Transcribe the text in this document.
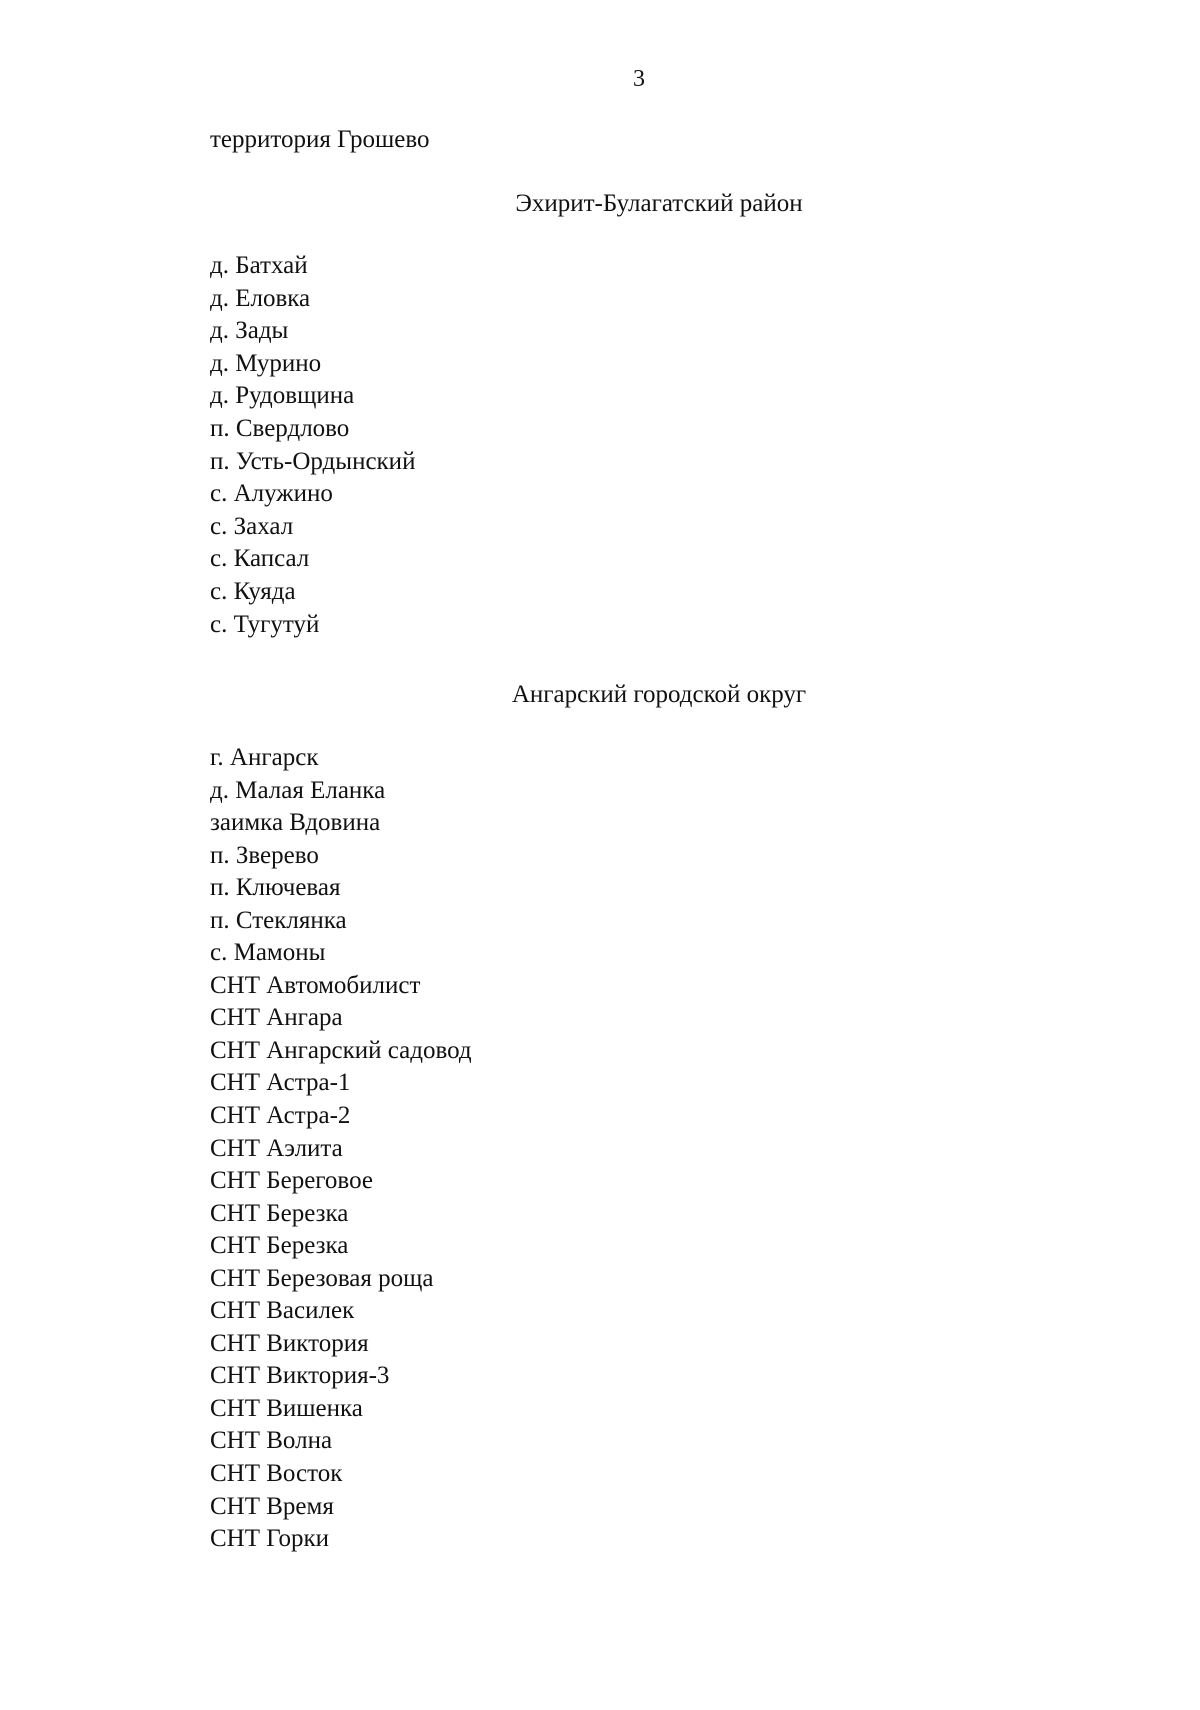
3
территория Грошево
Эхирит-Булагатский район
д. Батхай
д. Еловка
д. Зады
д. Мурино
д. Рудовщина
п. Свердлово
п. Усть-Ордынский
с. Алужино
с. Захал
с. Капсал
с. Куяда
с. Тугутуй
Ангарский городской округ
г. Ангарск
д. Малая Еланка
заимка Вдовина
п. Зверево
п. Ключевая
п. Стеклянка
с. Мамоны
СНТ Автомобилист
СНТ Ангара
СНТ Ангарский садовод
СНТ Астра-1
СНТ Астра-2
СНТ Аэлита
СНТ Береговое
СНТ Березка
СНТ Березка
СНТ Березовая роща
СНТ Василек
СНТ Виктория
СНТ Виктория-3
СНТ Вишенка
СНТ Волна
СНТ Восток
СНТ Время
СНТ Горки
